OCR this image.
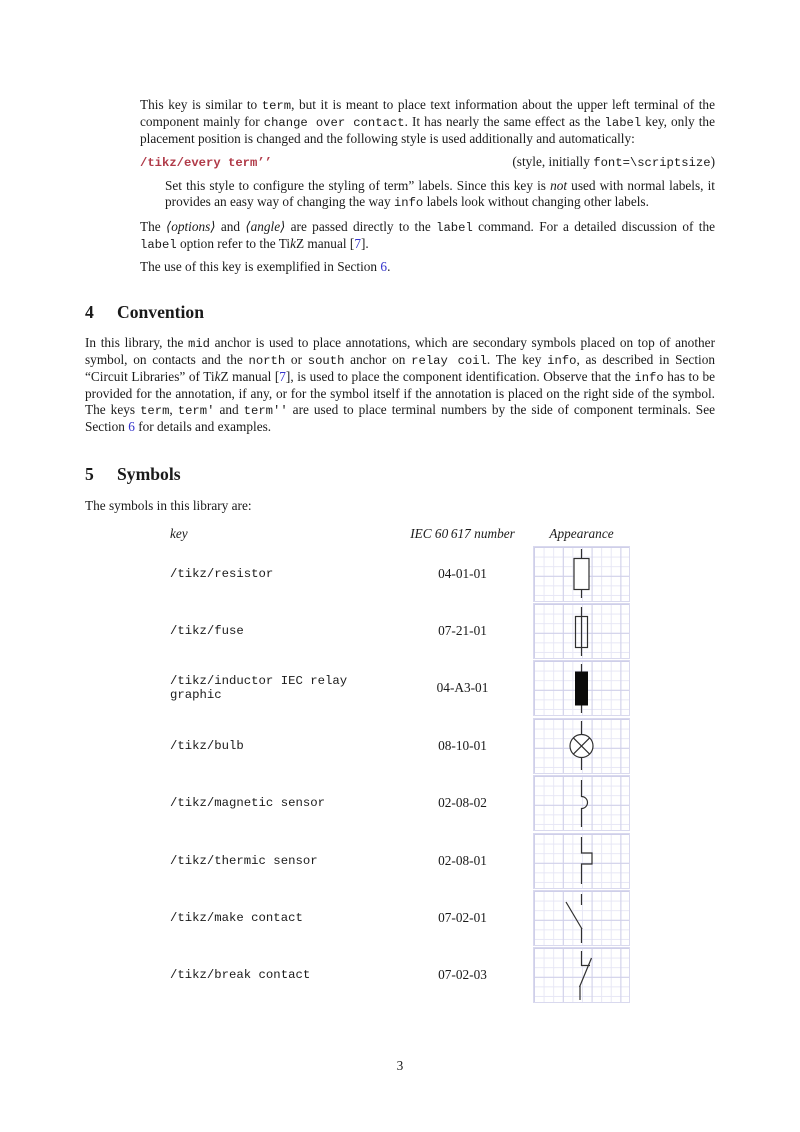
This key is similar to term, but it is meant to place text information about the upper left terminal of the component mainly for change over contact. It has nearly the same effect as the label key, only the placement position is changed and the following style is used additionally and automatically:

/tikz/every term’’	(style, initially font=\scriptsize)

Set this style to configure the styling of term” labels. Since this key is not used with normal labels, it provides an easy way of changing the way info labels look without changing other labels.

The ⟨options⟩ and ⟨angle⟩ are passed directly to the label command. For a detailed discussion of the label option refer to the TikZ manual [7].

The use of this key is exemplified in Section 6.

4 Convention

In this library, the mid anchor is used to place annotations, which are secondary symbols placed on top of another symbol, on contacts and the north or south anchor on relay coil. The key info, as described in Section “Circuit Libraries” of TikZ manual [7], is used to place the component identification. Observe that the info has to be provided for the annotation, if any, or for the symbol itself if the annotation is placed on the right side of the symbol. The keys term, term' and term'' are used to place terminal numbers by the side of component terminals. See Section 6 for details and examples.

5 Symbols

The symbols in this library are:

key	IEC 60 617 number	Appearance
/tikz/resistor	04-01-01
/tikz/fuse	07-21-01
/tikz/inductor IEC relay graphic	04-A3-01
/tikz/bulb	08-10-01
/tikz/magnetic sensor	02-08-02
/tikz/thermic sensor	02-08-01
/tikz/make contact	07-02-01
/tikz/break contact	07-02-03
3
